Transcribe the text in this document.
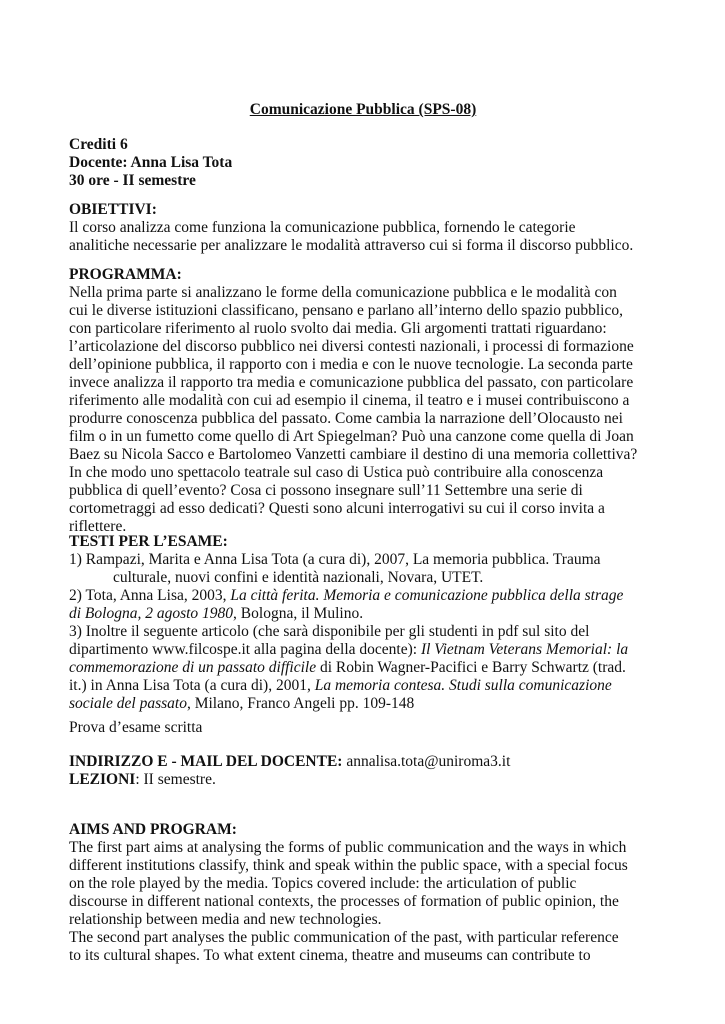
Comunicazione Pubblica (SPS-08)
Crediti 6
Docente: Anna Lisa Tota
30 ore - II semestre
OBIETTIVI:
Il corso analizza come funziona la comunicazione pubblica, fornendo le categorie
analitiche necessarie per analizzare le modalità attraverso cui si forma il discorso pubblico.
PROGRAMMA:
Nella prima parte si analizzano le forme della comunicazione pubblica e le modalità con
cui le diverse istituzioni classificano, pensano e parlano all’interno dello spazio pubblico,
con particolare riferimento al ruolo svolto dai media. Gli argomenti trattati riguardano:
l’articolazione del discorso pubblico nei diversi contesti nazionali, i processi di formazione
dell’opinione pubblica, il rapporto con i media e con le nuove tecnologie. La seconda parte
invece analizza il rapporto tra media e comunicazione pubblica del passato, con particolare
riferimento alle modalità con cui ad esempio il cinema, il teatro e i musei contribuiscono a
produrre conoscenza pubblica del passato. Come cambia la narrazione dell’Olocausto nei
film o in un fumetto come quello di Art Spiegelman? Può una canzone come quella di Joan
Baez su Nicola Sacco e Bartolomeo Vanzetti cambiare il destino di una memoria collettiva?
In che modo uno spettacolo teatrale sul caso di Ustica può contribuire alla conoscenza
pubblica di quell’evento? Cosa ci possono insegnare sull’11 Settembre una serie di
cortometraggi ad esso dedicati? Questi sono alcuni interrogativi su cui il corso invita a
riflettere.
TESTI PER L’ESAME:
1) Rampazi, Marita e Anna Lisa Tota (a cura di), 2007, La memoria pubblica. Trauma
culturale, nuovi confini e identità nazionali, Novara, UTET.
2) Tota, Anna Lisa, 2003, La città ferita. Memoria e comunicazione pubblica della strage
di Bologna, 2 agosto 1980, Bologna, il Mulino.
3) Inoltre il seguente articolo (che sarà disponibile per gli studenti in pdf sul sito del
dipartimento www.filcospe.it alla pagina della docente): Il Vietnam Veterans Memorial: la
commemorazione di un passato difficile di Robin Wagner-Pacifici e Barry Schwartz (trad.
it.) in Anna Lisa Tota (a cura di), 2001, La memoria contesa. Studi sulla comunicazione
sociale del passato, Milano, Franco Angeli pp. 109-148
Prova d’esame scritta
INDIRIZZO E - MAIL DEL DOCENTE: annalisa.tota@uniroma3.it
LEZIONI: II semestre.
AIMS AND PROGRAM:
The first part aims at analysing the forms of public communication and the ways in which
different institutions classify, think and speak within the public space, with a special focus
on the role played by the media. Topics covered include: the articulation of public
discourse in different national contexts, the processes of formation of public opinion, the
relationship between media and new technologies.
The second part analyses the public communication of the past, with particular reference
to its cultural shapes. To what extent cinema, theatre and museums can contribute to
